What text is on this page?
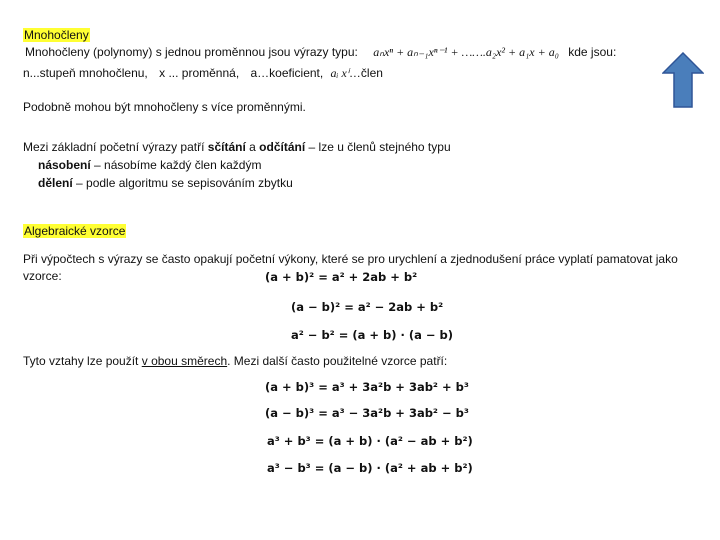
Mnohočleny
Mnohočleny (polynomy) s jednou proměnnou jsou výrazy typu: aₙxⁿ + aₙ₋₁xⁿ⁻¹ + …….a₂x² + a₁x + a₀ kde jsou:
n...stupeň mnohočlenu, x ... proměnná, a…koeficient, aᵢ xⁱ…člen
Podobně mohou být mnohočleny s více proměnnými.
Mezi základní početní výrazy patří sčítání a odčítání – lze u členů stejného typu
násobení – násobíme každý člen každým
dělení – podle algoritmu se sepisováním zbytku
Algebraické vzorce
Při výpočtech s výrazy se často opakují početní výkony, které se pro urychlení a zjednodušení práce vyplatí pamatovat jako
vzorce:	(a + b)² = a² + 2ab + b²
(a − b)² = a² − 2ab + b²
a² − b² = (a + b) · (a − b)
Tyto vztahy lze použít v obou směrech. Mezi další často použitelné vzorce patří:
(a + b)³ = a³ + 3a²b + 3ab² + b³
(a − b)³ = a³ − 3a²b + 3ab² − b³
a³ + b³ = (a + b) · (a² − ab + b²)
a³ − b³ = (a − b) · (a² + ab + b²)
